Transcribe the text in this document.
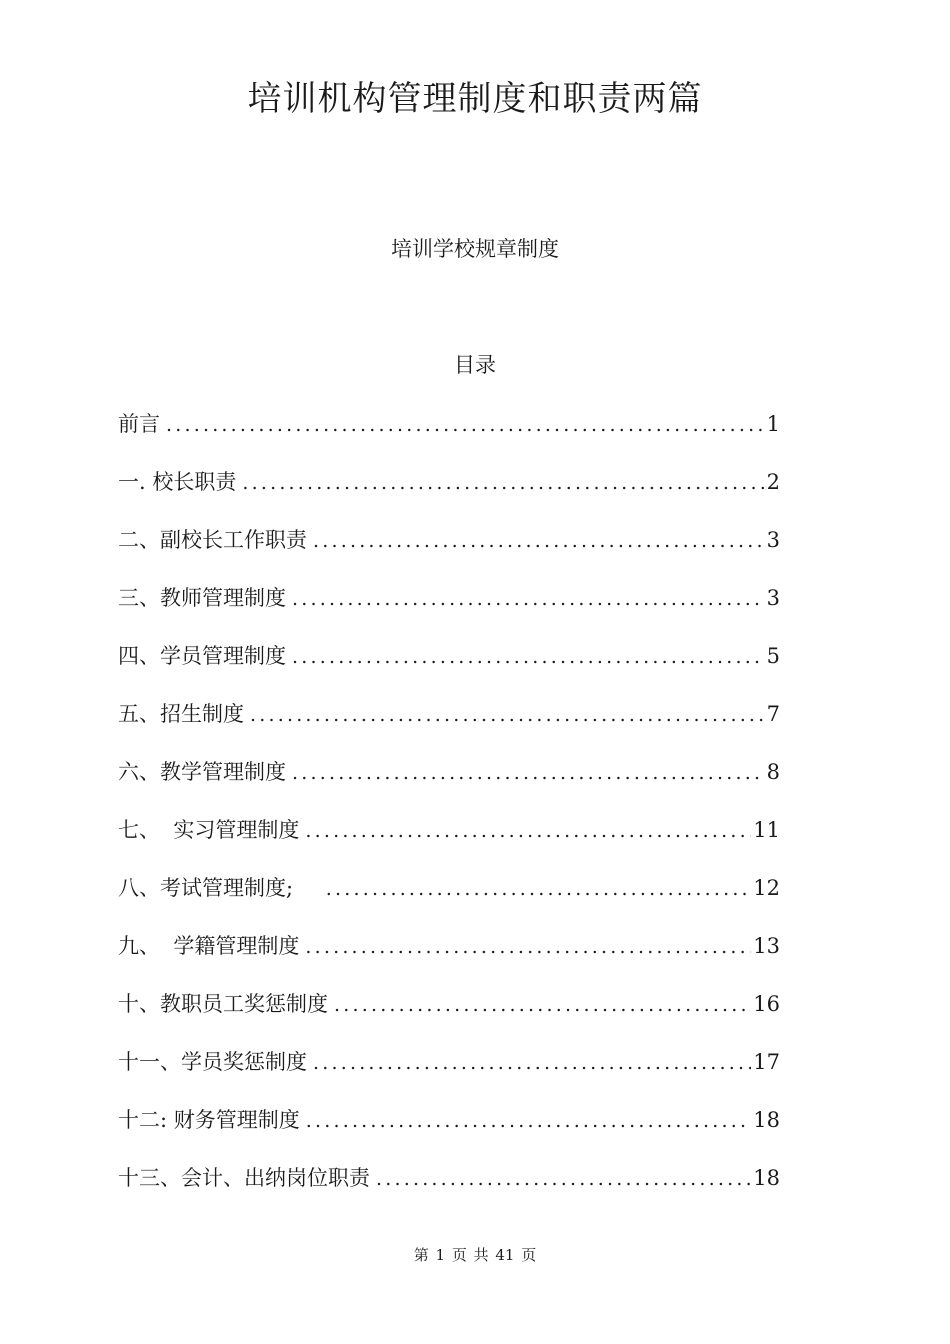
培训机构管理制度和职责两篇
培训学校规章制度
目录
前言 .....	1
一. 校长职责 .....	2
二、副校长工作职责 .....	3
三、教师管理制度 .....	3
四、学员管理制度 .....	5
五、招生制度 .....	7
六、教学管理制度 .....	8
七、  实习管理制度 .....	11
八、考试管理制度; .....	12
九、  学籍管理制度 .....	13
十、教职员工奖惩制度 .....	16
十一、学员奖惩制度 .....	17
十二: 财务管理制度 .....	18
十三、会计、出纳岗位职责 .....	18
第 1 页 共 41 页
